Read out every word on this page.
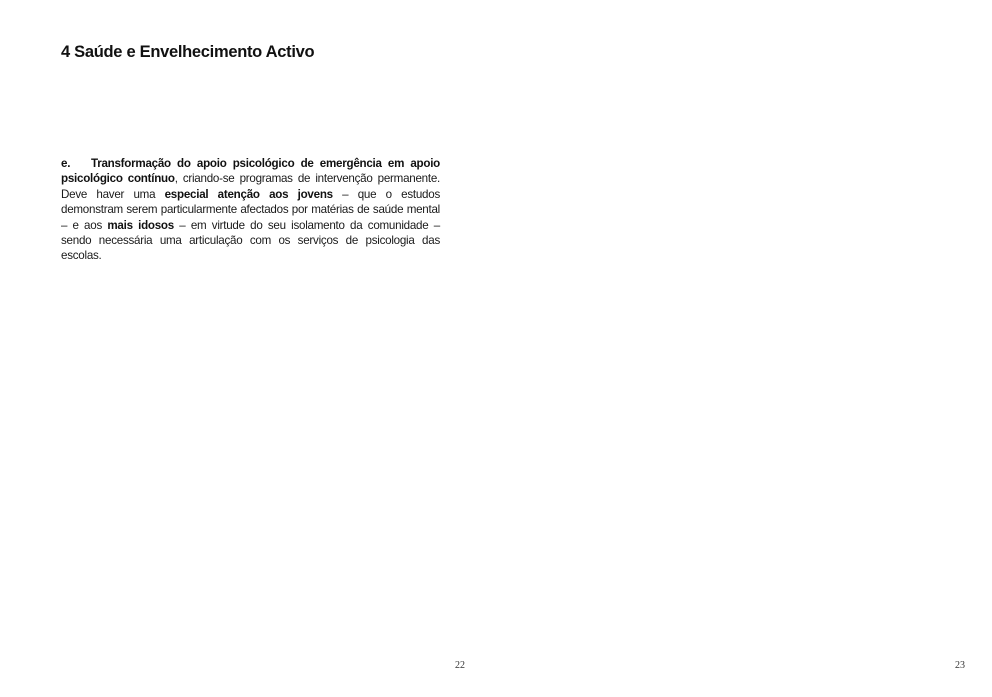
4 Saúde e Envelhecimento Activo

e. Transformação do apoio psicológico de emergência em apoio psicológico contínuo, criando-se programas de intervenção permanente. Deve haver uma especial atenção aos jovens – que o estudos demonstram serem particularmente afectados por matérias de saúde mental – e aos mais idosos – em virtude do seu isolamento da comunidade – sendo necessária uma articulação com os serviços de psicologia das escolas.

22	23
